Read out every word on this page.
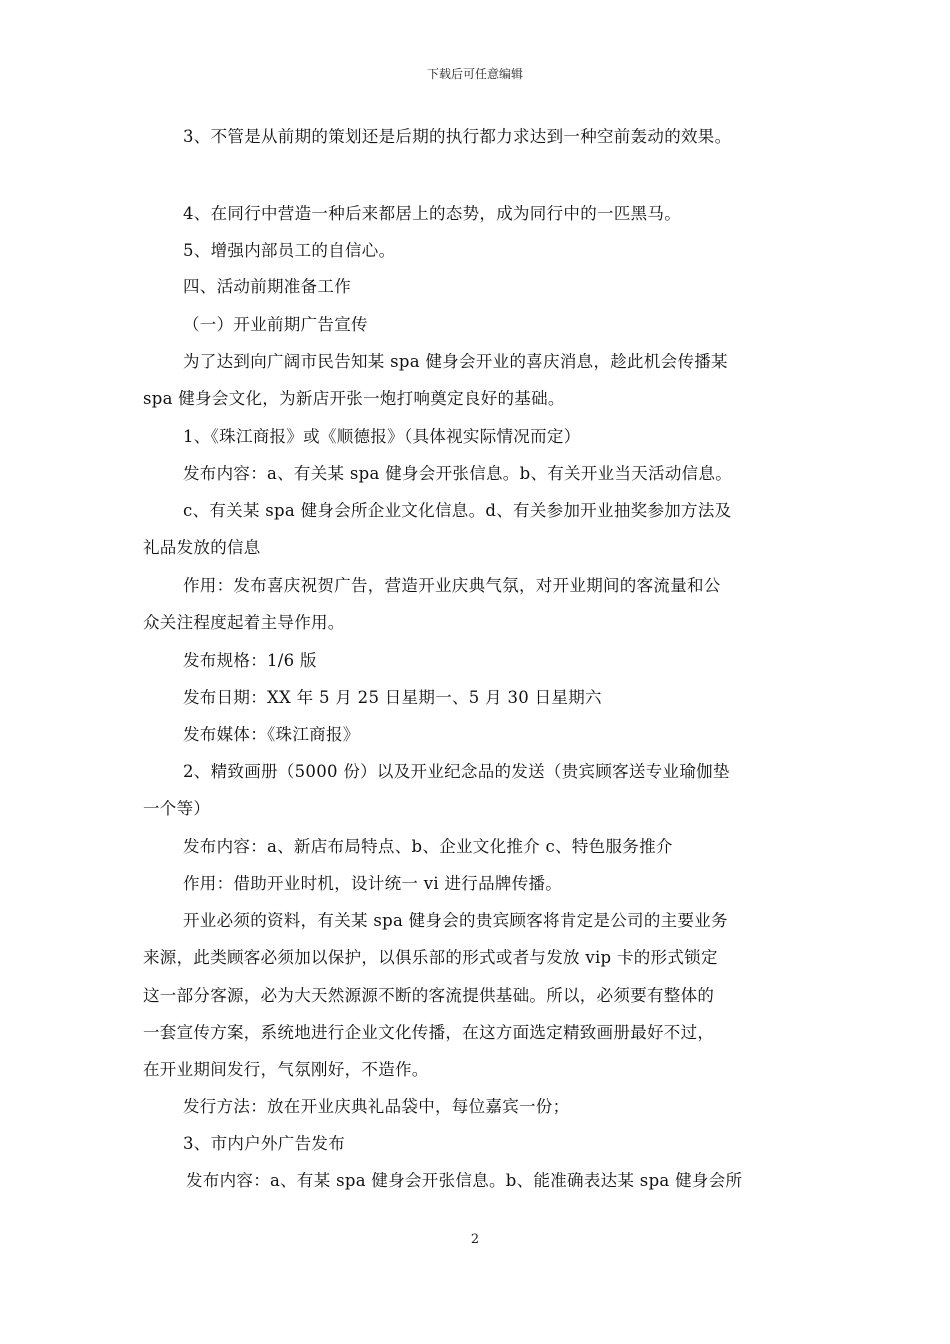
下载后可任意编辑
3、不管是从前期的策划还是后期的执行都力求达到一种空前轰动的效果。
4、在同行中营造一种后来都居上的态势，成为同行中的一匹黑马。
5、增强内部员工的自信心。
四、活动前期准备工作
（一）开业前期广告宣传
为了达到向广阔市民告知某 spa 健身会开业的喜庆消息，趁此机会传播某
spa 健身会文化，为新店开张一炮打响奠定良好的基础。
1、《珠江商报》或《顺德报》（具体视实际情况而定）
发布内容：a、有关某 spa 健身会开张信息。b、有关开业当天活动信息。
c、有关某 spa 健身会所企业文化信息。d、有关参加开业抽奖参加方法及
礼品发放的信息
作用：发布喜庆祝贺广告，营造开业庆典气氛，对开业期间的客流量和公
众关注程度起着主导作用。
发布规格：1/6 版
发布日期：XX 年 5 月 25 日星期一、5 月 30 日星期六
发布媒体：《珠江商报》
2、精致画册（5000 份）以及开业纪念品的发送（贵宾顾客送专业瑜伽垫
一个等）
发布内容：a、新店布局特点、b、企业文化推介 c、特色服务推介
作用：借助开业时机，设计统一 vi 进行品牌传播。
开业必须的资料，有关某 spa 健身会的贵宾顾客将肯定是公司的主要业务
来源，此类顾客必须加以保护，以俱乐部的形式或者与发放 vip 卡的形式锁定
这一部分客源，必为大天然源源不断的客流提供基础。所以，必须要有整体的
一套宣传方案，系统地进行企业文化传播，在这方面选定精致画册最好不过，
在开业期间发行，气氛刚好，不造作。
发行方法：放在开业庆典礼品袋中，每位嘉宾一份；
3、市内户外广告发布
发布内容：a、有某 spa 健身会开张信息。b、能准确表达某 spa 健身会所
2
